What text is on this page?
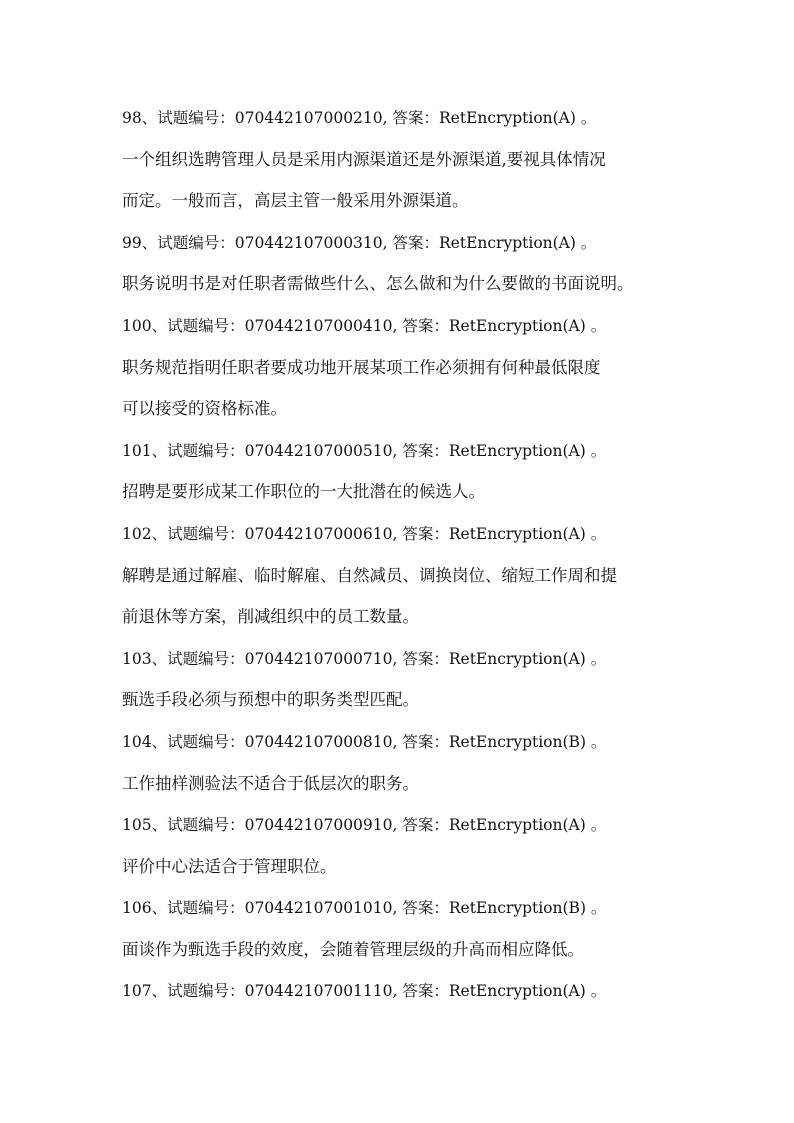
98、试题编号：070442107000210, 答案：RetEncryption(A) 。
一个组织选聘管理人员是采用内源渠道还是外源渠道,要视具体情况
而定。一般而言，高层主管一般采用外源渠道。
99、试题编号：070442107000310, 答案：RetEncryption(A) 。
职务说明书是对任职者需做些什么、怎么做和为什么要做的书面说明。
100、试题编号：070442107000410, 答案：RetEncryption(A) 。
职务规范指明任职者要成功地开展某项工作必须拥有何种最低限度
可以接受的资格标准。
101、试题编号：070442107000510, 答案：RetEncryption(A) 。
招聘是要形成某工作职位的一大批潜在的候选人。
102、试题编号：070442107000610, 答案：RetEncryption(A) 。
解聘是通过解雇、临时解雇、自然减员、调换岗位、缩短工作周和提
前退休等方案，削减组织中的员工数量。
103、试题编号：070442107000710, 答案：RetEncryption(A) 。
甄选手段必须与预想中的职务类型匹配。
104、试题编号：070442107000810, 答案：RetEncryption(B) 。
工作抽样测验法不适合于低层次的职务。
105、试题编号：070442107000910, 答案：RetEncryption(A) 。
评价中心法适合于管理职位。
106、试题编号：070442107001010, 答案：RetEncryption(B) 。
面谈作为甄选手段的效度，会随着管理层级的升高而相应降低。
107、试题编号：070442107001110, 答案：RetEncryption(A) 。
